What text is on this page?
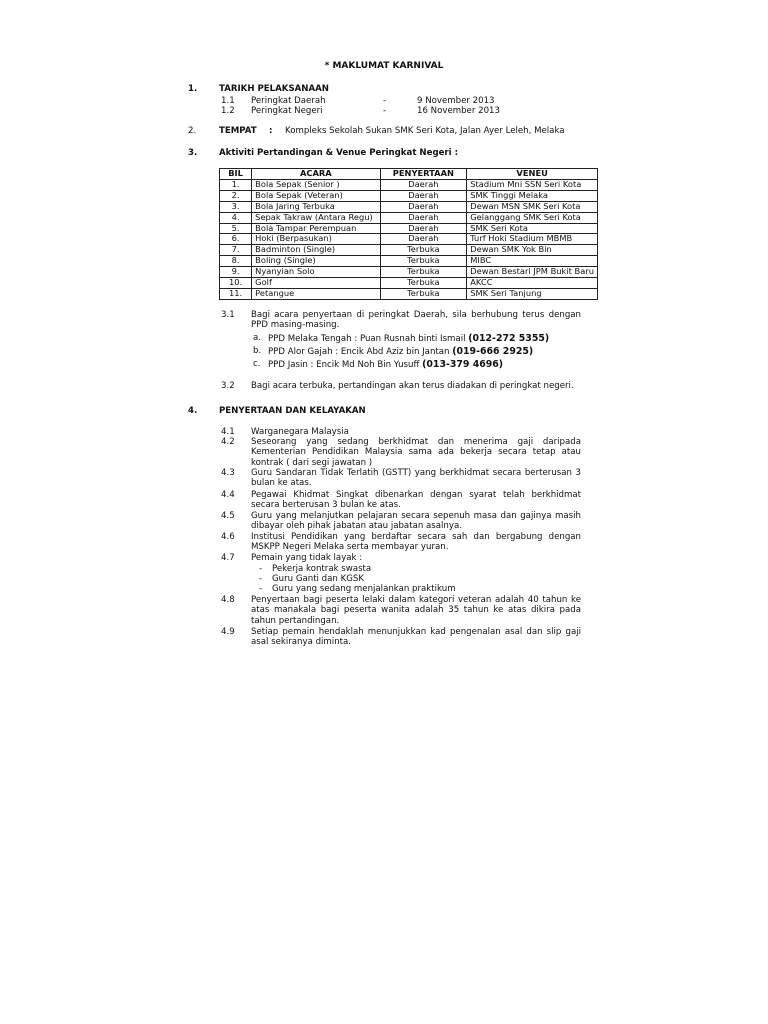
* MAKLUMAT KARNIVAL
1.	TARIKH PELAKSANAAN
1.1 Peringkat Daerah	-	9 November 2013
1.2 Peringkat Negeri	-	16 November 2013
2.	TEMPAT : Kompleks Sekolah Sukan SMK Seri Kota, Jalan Ayer Leleh, Melaka
3.	Aktiviti Pertandingan & Venue Peringkat Negeri :
BIL	ACARA	PENYERTAAN	VENEU
1.	Bola Sepak (Senior )	Daerah	Stadium Mni SSN Seri Kota
2.	Bola Sepak (Veteran)	Daerah	SMK Tinggi Melaka
3.	Bola Jaring Terbuka	Daerah	Dewan MSN SMK Seri Kota
4.	Sepak Takraw (Antara Regu)	Daerah	Gelanggang SMK Seri Kota
5.	Bola Tampar Perempuan	Daerah	SMK Seri Kota
6.	Hoki (Berpasukan)	Daerah	Turf Hoki Stadium MBMB
7.	Badminton (Single)	Terbuka	Dewan SMK Yok Bin
8.	Boling (Single)	Terbuka	MIBC
9.	Nyanyian Solo	Terbuka	Dewan Bestari JPM Bukit Baru
10.	Golf	Terbuka	AKCC
11.	Petangue	Terbuka	SMK Seri Tanjung
3.1 Bagi acara penyertaan di peringkat Daerah, sila berhubung terus dengan PPD masing-masing.
a. PPD Melaka Tengah : Puan Rusnah binti Ismail (012-272 5355)
b. PPD Alor Gajah : Encik Abd Aziz bin Jantan (019-666 2925)
c. PPD Jasin : Encik Md Noh Bin Yusuff (013-379 4696)
3.2 Bagi acara terbuka, pertandingan akan terus diadakan di peringkat negeri.
4.	PENYERTAAN DAN KELAYAKAN
4.1 Warganegara Malaysia
4.2 Seseorang yang sedang berkhidmat dan menerima gaji daripada Kementerian Pendidikan Malaysia sama ada bekerja secara tetap atau kontrak ( dari segi jawatan )
4.3 Guru Sandaran Tidak Terlatih (GSTT) yang berkhidmat secara berterusan 3 bulan ke atas.
4.4 Pegawai Khidmat Singkat dibenarkan dengan syarat telah berkhidmat secara berterusan 3 bulan ke atas.
4.5 Guru yang melanjutkan pelajaran secara sepenuh masa dan gajinya masih dibayar oleh pihak jabatan atau jabatan asalnya.
4.6 Institusi Pendidikan yang berdaftar secara sah dan bergabung dengan MSKPP Negeri Melaka serta membayar yuran.
4.7 Pemain yang tidak layak :
- Pekerja kontrak swasta
- Guru Ganti dan KGSK
- Guru yang sedang menjalankan praktikum
4.8 Penyertaan bagi peserta lelaki dalam kategori veteran adalah 40 tahun ke atas manakala bagi peserta wanita adalah 35 tahun ke atas dikira pada tahun pertandingan.
4.9 Setiap pemain hendaklah menunjukkan kad pengenalan asal dan slip gaji asal sekiranya diminta.
